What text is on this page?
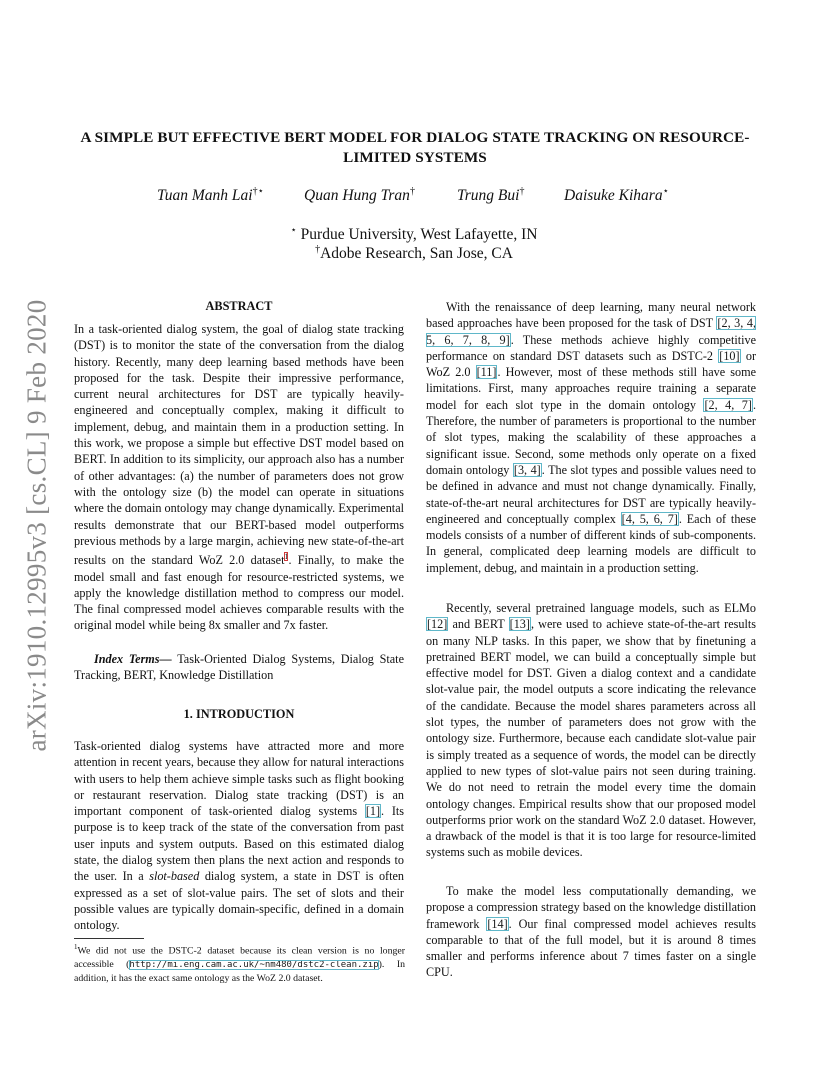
arXiv:1910.12995v3 [cs.CL] 9 Feb 2020
A SIMPLE BUT EFFECTIVE BERT MODEL FOR DIALOG STATE TRACKING ON RESOURCE-LIMITED SYSTEMS
Tuan Manh Lai†⋆	Quan Hung Tran†	Trung Bui†	Daisuke Kihara⋆
⋆ Purdue University, West Lafayette, IN
†Adobe Research, San Jose, CA
ABSTRACT

In a task-oriented dialog system, the goal of dialog state tracking (DST) is to monitor the state of the conversation from the dialog history. Recently, many deep learning based methods have been proposed for the task. Despite their impressive performance, current neural architectures for DST are typically heavily-engineered and conceptually complex, making it difficult to implement, debug, and maintain them in a production setting. In this work, we propose a simple but effective DST model based on BERT. In addition to its simplicity, our approach also has a number of other advantages: (a) the number of parameters does not grow with the ontology size (b) the model can operate in situations where the domain ontology may change dynamically. Experimental results demonstrate that our BERT-based model outperforms previous methods by a large margin, achieving new state-of-the-art results on the standard WoZ 2.0 dataset$^1$. Finally, to make the model small and fast enough for resource-restricted systems, we apply the knowledge distillation method to compress our model. The final compressed model achieves comparable results with the original model while being 8x smaller and 7x faster.

Index Terms— Task-Oriented Dialog Systems, Dialog State Tracking, BERT, Knowledge Distillation

1. INTRODUCTION

Task-oriented dialog systems have attracted more and more attention in recent years, because they allow for natural interactions with users to help them achieve simple tasks such as flight booking or restaurant reservation. Dialog state tracking (DST) is an important component of task-oriented dialog systems [1]. Its purpose is to keep track of the state of the conversation from past user inputs and system outputs. Based on this estimated dialog state, the dialog system then plans the next action and responds to the user. In a slot-based dialog system, a state in DST is often expressed as a set of slot-value pairs. The set of slots and their possible values are typically domain-specific, defined in a domain ontology.

$^1$We did not use the DSTC-2 dataset because its clean version is no longer accessible (http://mi.eng.cam.ac.uk/~nm480/dstc2-clean.zip). In addition, it has the exact same ontology as the WoZ 2.0 dataset.

With the renaissance of deep learning, many neural network based approaches have been proposed for the task of DST [2, 3, 4, 5, 6, 7, 8, 9]. These methods achieve highly competitive performance on standard DST datasets such as DSTC-2 [10] or WoZ 2.0 [11]. However, most of these methods still have some limitations. First, many approaches require training a separate model for each slot type in the domain ontology [2, 4, 7]. Therefore, the number of parameters is proportional to the number of slot types, making the scalability of these approaches a significant issue. Second, some methods only operate on a fixed domain ontology [3, 4]. The slot types and possible values need to be defined in advance and must not change dynamically. Finally, state-of-the-art neural architectures for DST are typically heavily-engineered and conceptually complex [4, 5, 6, 7]. Each of these models consists of a number of different kinds of sub-components. In general, complicated deep learning models are difficult to implement, debug, and maintain in a production setting.

Recently, several pretrained language models, such as ELMo [12] and BERT [13], were used to achieve state-of-the-art results on many NLP tasks. In this paper, we show that by finetuning a pretrained BERT model, we can build a conceptually simple but effective model for DST. Given a dialog context and a candidate slot-value pair, the model outputs a score indicating the relevance of the candidate. Because the model shares parameters across all slot types, the number of parameters does not grow with the ontology size. Furthermore, because each candidate slot-value pair is simply treated as a sequence of words, the model can be directly applied to new types of slot-value pairs not seen during training. We do not need to retrain the model every time the domain ontology changes. Empirical results show that our proposed model outperforms prior work on the standard WoZ 2.0 dataset. However, a drawback of the model is that it is too large for resource-limited systems such as mobile devices.

To make the model less computationally demanding, we propose a compression strategy based on the knowledge distillation framework [14]. Our final compressed model achieves results comparable to that of the full model, but it is around 8 times smaller and performs inference about 7 times faster on a single CPU.
